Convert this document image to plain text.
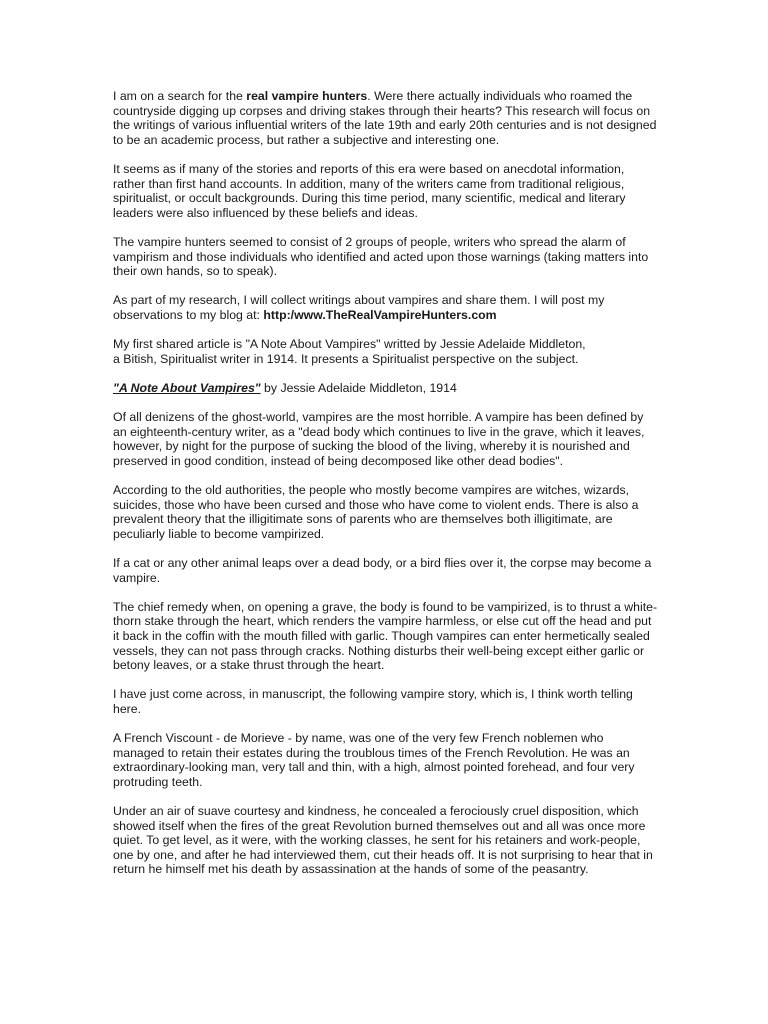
I am on a search for the real vampire hunters. Were there actually individuals who roamed the countryside digging up corpses and driving stakes through their hearts? This research will focus on the writings of various influential writers of the late 19th and early 20th centuries and is not designed to be an academic process, but rather a subjective and interesting one.

It seems as if many of the stories and reports of this era were based on anecdotal information, rather than first hand accounts. In addition, many of the writers came from traditional religious, spiritualist, or occult backgrounds. During this time period, many scientific, medical and literary leaders were also influenced by these beliefs and ideas.

The vampire hunters seemed to consist of 2 groups of people, writers who spread the alarm of vampirism and those individuals who identified and acted upon those warnings (taking matters into their own hands, so to speak).

As part of my research, I will collect writings about vampires and share them. I will post my observations to my blog at: http:/www.TheRealVampireHunters.com

My first shared article is "A Note About Vampires" writted by Jessie Adelaide Middleton,
a Bitish, Spiritualist writer in 1914. It presents a Spiritualist perspective on the subject.

"A Note About Vampires" by Jessie Adelaide Middleton, 1914

Of all denizens of the ghost-world, vampires are the most horrible. A vampire has been defined by an eighteenth-century writer, as a "dead body which continues to live in the grave, which it leaves, however, by night for the purpose of sucking the blood of the living, whereby it is nourished and preserved in good condition, instead of being decomposed like other dead bodies".

According to the old authorities, the people who mostly become vampires are witches, wizards, suicides, those who have been cursed and those who have come to violent ends. There is also a prevalent theory that the illigitimate sons of parents who are themselves both illigitimate, are peculiarly liable to become vampirized.

If a cat or any other animal leaps over a dead body, or a bird flies over it, the corpse may become a vampire.

The chief remedy when, on opening a grave, the body is found to be vampirized, is to thrust a white-thorn stake through the heart, which renders the vampire harmless, or else cut off the head and put it back in the coffin with the mouth filled with garlic. Though vampires can enter hermetically sealed vessels, they can not pass through cracks. Nothing disturbs their well-being except either garlic or betony leaves, or a stake thrust through the heart.

I have just come across, in manuscript, the following vampire story, which is, I think worth telling here.

A French Viscount - de Morieve - by name, was one of the very few French noblemen who managed to retain their estates during the troublous times of the French Revolution. He was an extraordinary-looking man, very tall and thin, with a high, almost pointed forehead, and four very protruding teeth.

Under an air of suave courtesy and kindness, he concealed a ferociously cruel disposition, which showed itself when the fires of the great Revolution burned themselves out and all was once more quiet. To get level, as it were, with the working classes, he sent for his retainers and work-people, one by one, and after he had interviewed them, cut their heads off. It is not surprising to hear that in return he himself met his death by assassination at the hands of some of the peasantry.
